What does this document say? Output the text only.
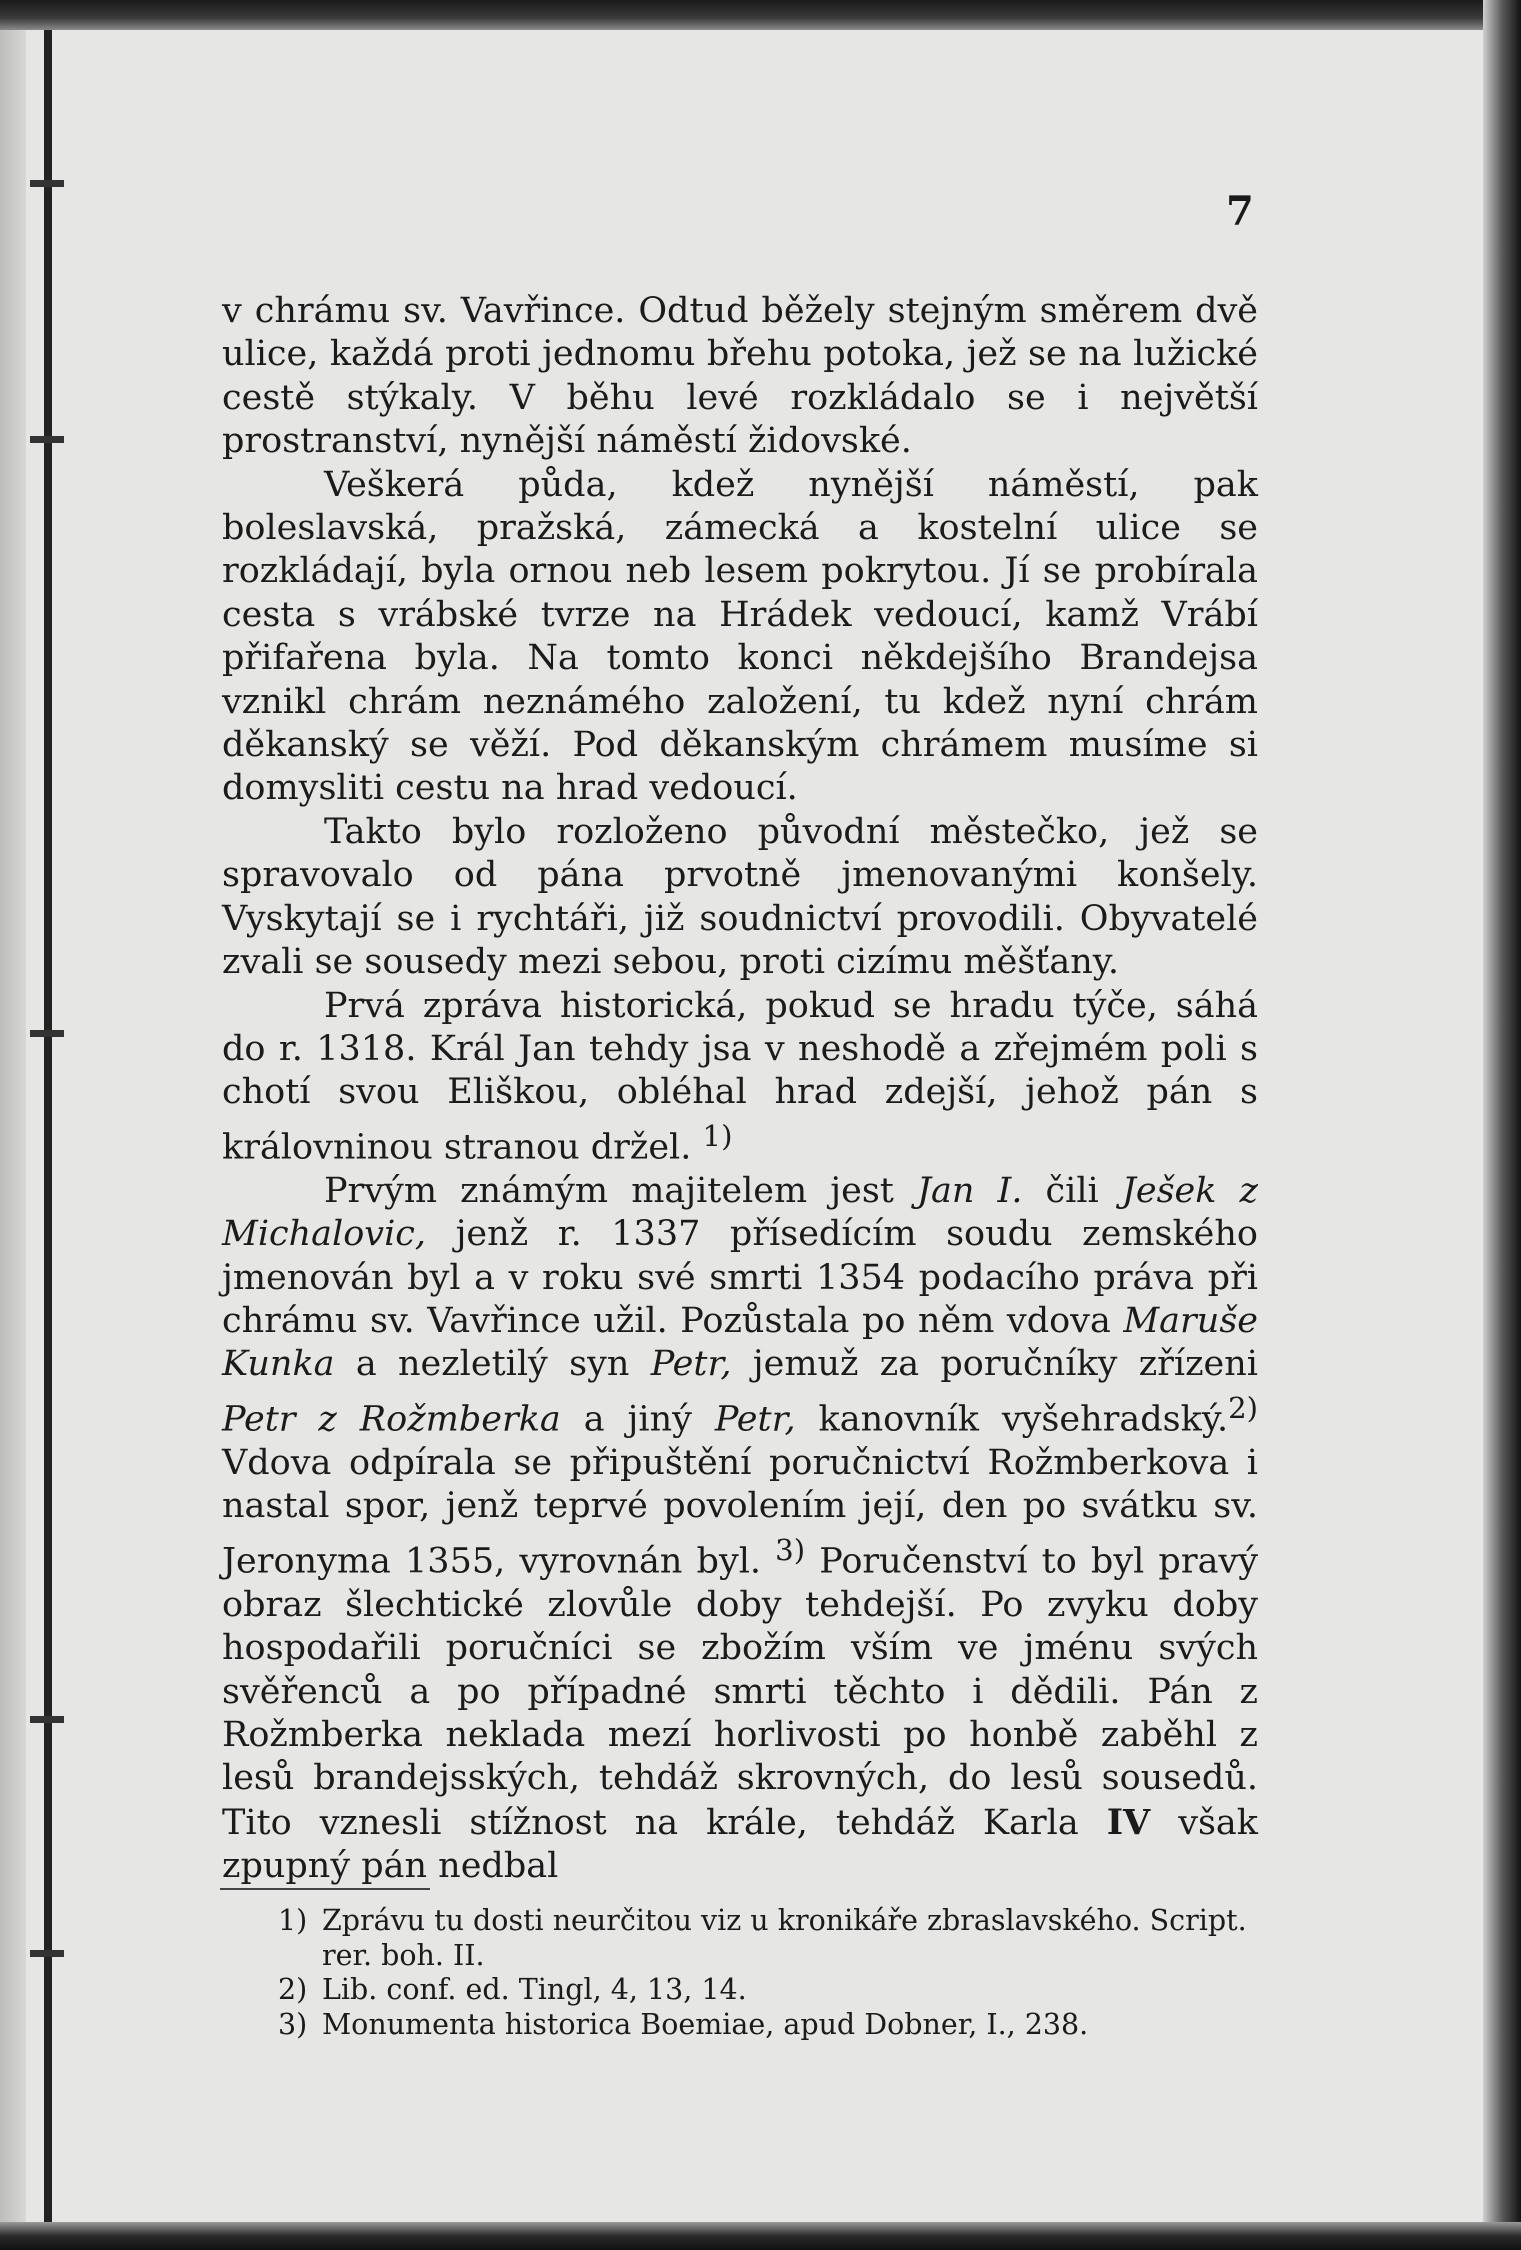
7

v chrámu sv. Vavřince. Odtud běžely stejným směrem dvě ulice, každá proti jednomu břehu potoka, jež se na lužické cestě stýkaly. V běhu levé rozkládalo se i největší prostranství, nynější náměstí židovské.

Veškerá půda, kdež nynější náměstí, pak boleslavská, pražská, zámecká a kostelní ulice se rozkládají, byla ornou neb lesem pokrytou. Jí se probírala cesta s vrábské tvrze na Hrádek vedoucí, kamž Vrábí přifařena byla. Na tomto konci někdejšího Brandejsa vznikl chrám neznámého založení, tu kdež nyní chrám děkanský se věží. Pod děkanským chrámem musíme si domysliti cestu na hrad vedoucí.

Takto bylo rozloženo původní městečko, jež se spravovalo od pána prvotně jmenovanými konšely. Vyskytají se i rychtáři, již soudnictví provodili. Obyvatelé zvali se sousedy mezi sebou, proti cizímu měšťany.

Prvá zpráva historická, pokud se hradu týče, sáhá do r. 1318. Král Jan tehdy jsa v neshodě a zřejmém poli s chotí svou Eliškou, obléhal hrad zdejší, jehož pán s královninou stranou držel. $^{1)}$

Prvým známým majitelem jest Jan I. čili Ješek z Michalovic, jenž r. 1337 přísedícím soudu zemského jmenován byl a v roku své smrti 1354 podacího práva při chrámu sv. Vavřince užil. Pozůstala po něm vdova Maruše Kunka a nezletilý syn Petr, jemuž za poručníky zřízeni Petr z Rožmberka a jiný Petr, kanovník vyšehradský.$^{2)}$ Vdova odpírala se připuštění poručnictví Rožmberkova i nastal spor, jenž teprvé povolením její, den po svátku sv. Jeronyma 1355, vyrovnán byl. $^{3)}$ Poručenství to byl pravý obraz šlechtické zlovůle doby tehdejší. Po zvyku doby hospodařili poručníci se zbožím vším ve jménu svých svěřenců a po případné smrti těchto i dědili. Pán z Rožmberka neklada mezí horlivosti po honbě zaběhl z lesů brandejsských, tehdáž skrovných, do lesů sousedů. Tito vznesli stížnost na krále, tehdáž Karla IV však zpupný pán nedbal

1) Zprávu tu dosti neurčitou viz u kronikáře zbraslavského. Script. rer. boh. II.

2) Lib. conf. ed. Tingl, 4, 13, 14.

3) Monumenta historica Boemiae, apud Dobner, I., 238.
